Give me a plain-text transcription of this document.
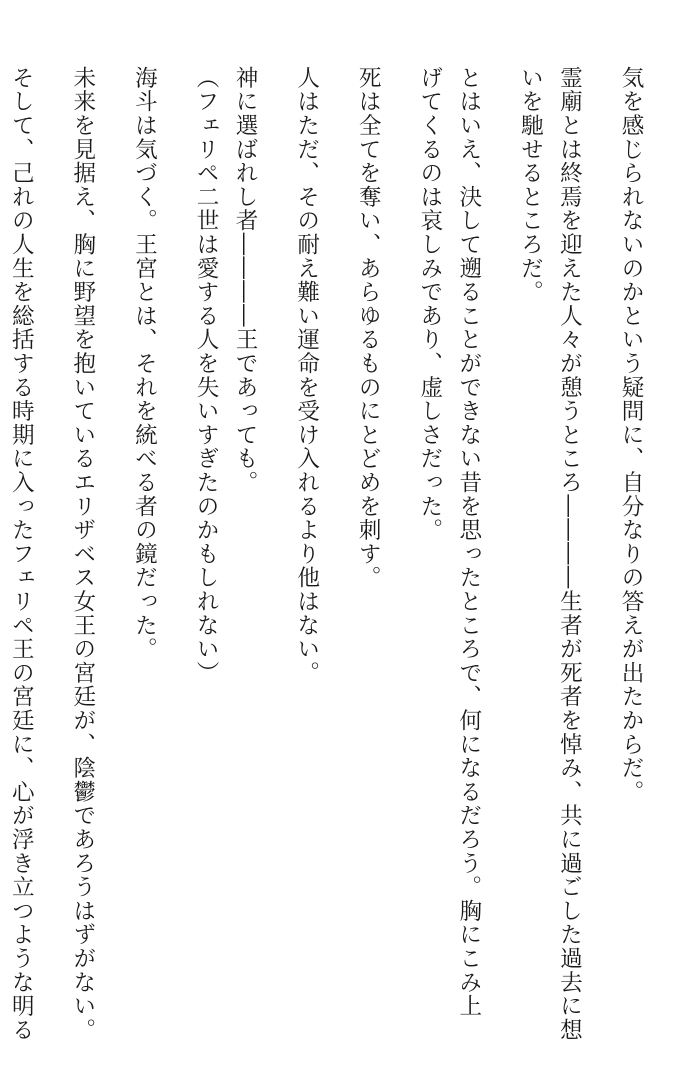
気を感じられないのかという疑問に、自分なりの答えが出たからだ。
霊廟とは終焉を迎えた人々が憩うところ――――生者が死者を悼み、共に過ごした過去に想
いを馳せるところだ。
とはいえ、決して遡ることができない昔を思ったところで、何になるだろう。胸にこみ上
げてくるのは哀しみであり、虚しさだった。
死は全てを奪い、あらゆるものにとどめを刺す。
人はただ、その耐え難い運命を受け入れるより他はない。
神に選ばれし者――――王であっても。
（フェリペ二世は愛する人を失いすぎたのかもしれない）
海斗は気づく。王宮とは、それを統べる者の鏡だった。
未来を見据え、胸に野望を抱いているエリザベス女王の宮廷が、陰鬱であろうはずがない。
そして、己れの人生を総括する時期に入ったフェリペ王の宮廷に、心が浮き立つような明る
